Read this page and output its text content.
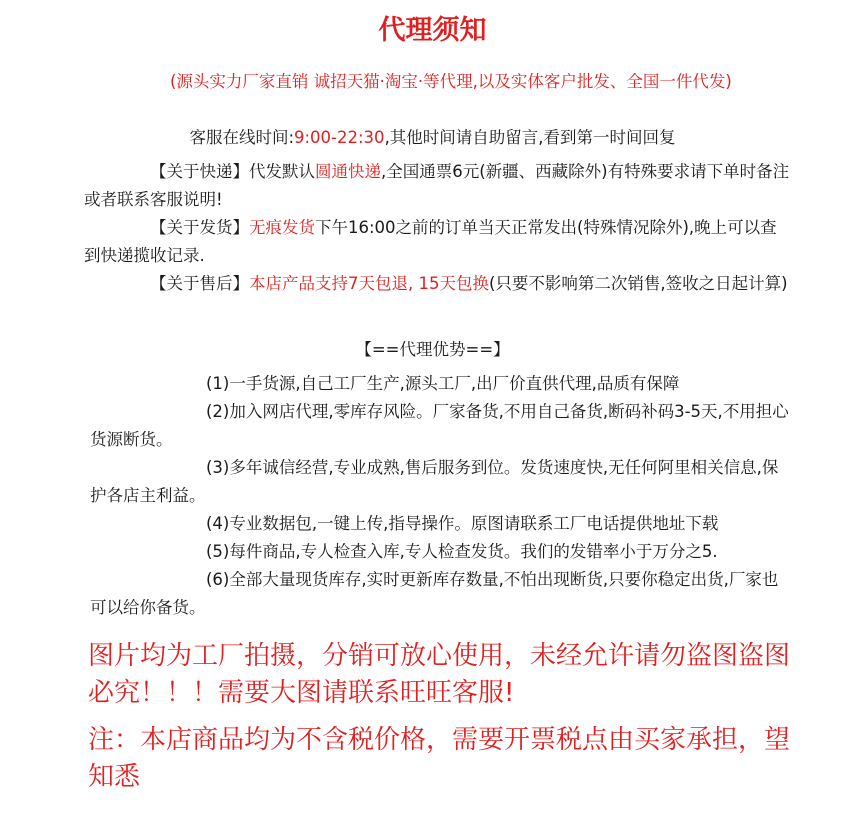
代理须知
(源头实力厂家直销 诚招天猫·淘宝·等代理,以及实体客户批发、全国一件代发)
客服在线时间:9:00-22:30,其他时间请自助留言,看到第一时间回复
【关于快递】代发默认圆通快递,全国通票6元(新疆、西藏除外)有特殊要求请下单时备注或者联系客服说明!
【关于发货】无痕发货下午16:00之前的订单当天正常发出(特殊情况除外),晚上可以查到快递揽收记录.
【关于售后】本店产品支持7天包退, 15天包换(只要不影响第二次销售,签收之日起计算)
【==代理优势==】
(1)一手货源,自己工厂生产,源头工厂,出厂价直供代理,品质有保障
(2)加入网店代理,零库存风险。厂家备货,不用自己备货,断码补码3-5天,不用担心货源断货。
(3)多年诚信经营,专业成熟,售后服务到位。发货速度快,无任何阿里相关信息,保护各店主利益。
(4)专业数据包,一键上传,指导操作。原图请联系工厂电话提供地址下载
(5)每件商品,专人检查入库,专人检查发货。我们的发错率小于万分之5.
(6)全部大量现货库存,实时更新库存数量,不怕出现断货,只要你稳定出货,厂家也可以给你备货。
图片均为工厂拍摄，分销可放心使用，未经允许请勿盗图盗图必究！！！需要大图请联系旺旺客服!
注：本店商品均为不含税价格，需要开票税点由买家承担，望知悉
